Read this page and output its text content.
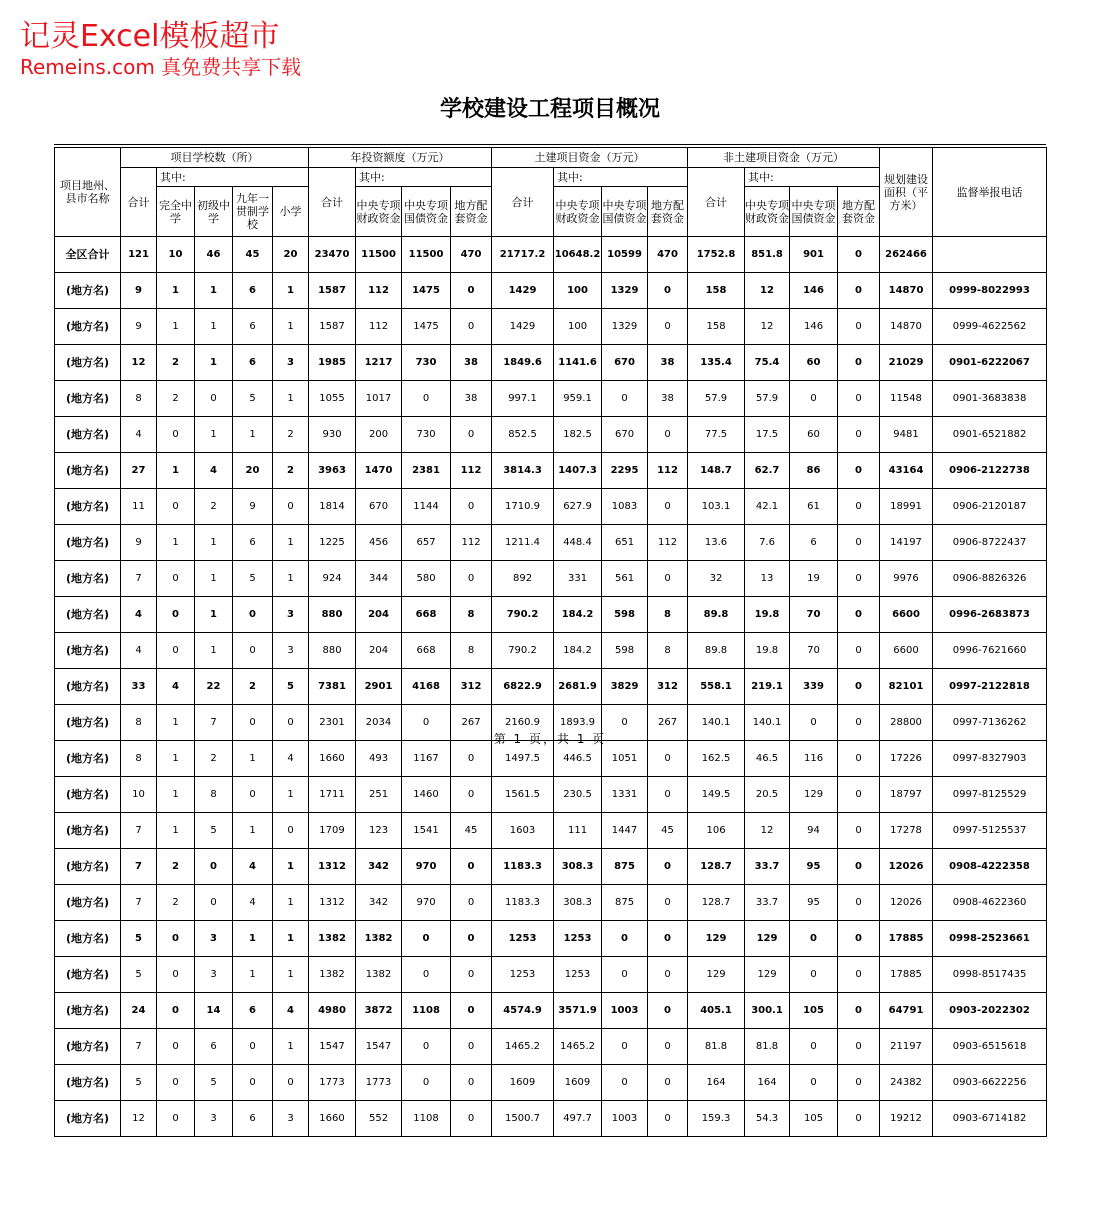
记灵Excel模板超市
Remeins.com 真免费共享下载
学校建设工程项目概况
项目地州、县市名称	项目学校数（所）					年投资额度（万元）				土建项目资金（万元）				非土建项目资金（万元）				规划建设面积（平方米）	监督举报电话
	合计	其中:				合计	其中:			合计	其中:			合计	其中:				
		完全中学	初级中学	九年一贯制学校	小学		中央专项财政资金	中央专项国债资金	地方配套资金		中央专项财政资金	中央专项国债资金	地方配套资金		中央专项财政资金	中央专项国债资金	地方配套资金		
全区合计	121	10	46	45	20	23470	11500	11500	470	21717.2	10648.2	10599	470	1752.8	851.8	901	0	262466	
(地方名)	9	1	1	6	1	1587	112	1475	0	1429	100	1329	0	158	12	146	0	14870	0999-8022993
(地方名)	9	1	1	6	1	1587	112	1475	0	1429	100	1329	0	158	12	146	0	14870	0999-4622562
(地方名)	12	2	1	6	3	1985	1217	730	38	1849.6	1141.6	670	38	135.4	75.4	60	0	21029	0901-6222067
(地方名)	8	2	0	5	1	1055	1017	0	38	997.1	959.1	0	38	57.9	57.9	0	0	11548	0901-3683838
(地方名)	4	0	1	1	2	930	200	730	0	852.5	182.5	670	0	77.5	17.5	60	0	9481	0901-6521882
(地方名)	27	1	4	20	2	3963	1470	2381	112	3814.3	1407.3	2295	112	148.7	62.7	86	0	43164	0906-2122738
(地方名)	11	0	2	9	0	1814	670	1144	0	1710.9	627.9	1083	0	103.1	42.1	61	0	18991	0906-2120187
(地方名)	9	1	1	6	1	1225	456	657	112	1211.4	448.4	651	112	13.6	7.6	6	0	14197	0906-8722437
(地方名)	7	0	1	5	1	924	344	580	0	892	331	561	0	32	13	19	0	9976	0906-8826326
(地方名)	4	0	1	0	3	880	204	668	8	790.2	184.2	598	8	89.8	19.8	70	0	6600	0996-2683873
(地方名)	4	0	1	0	3	880	204	668	8	790.2	184.2	598	8	89.8	19.8	70	0	6600	0996-7621660
(地方名)	33	4	22	2	5	7381	2901	4168	312	6822.9	2681.9	3829	312	558.1	219.1	339	0	82101	0997-2122818
(地方名)	8	1	7	0	0	2301	2034	0	267	2160.9	1893.9	0	267	140.1	140.1	0	0	28800	0997-7136262
(地方名)	8	1	2	1	4	1660	493	1167	0	1497.5	446.5	1051	0	162.5	46.5	116	0	17226	0997-8327903
(地方名)	10	1	8	0	1	1711	251	1460	0	1561.5	230.5	1331	0	149.5	20.5	129	0	18797	0997-8125529
(地方名)	7	1	5	1	0	1709	123	1541	45	1603	111	1447	45	106	12	94	0	17278	0997-5125537
(地方名)	7	2	0	4	1	1312	342	970	0	1183.3	308.3	875	0	128.7	33.7	95	0	12026	0908-4222358
(地方名)	7	2	0	4	1	1312	342	970	0	1183.3	308.3	875	0	128.7	33.7	95	0	12026	0908-4622360
(地方名)	5	0	3	1	1	1382	1382	0	0	1253	1253	0	0	129	129	0	0	17885	0998-2523661
(地方名)	5	0	3	1	1	1382	1382	0	0	1253	1253	0	0	129	129	0	0	17885	0998-8517435
(地方名)	24	0	14	6	4	4980	3872	1108	0	4574.9	3571.9	1003	0	405.1	300.1	105	0	64791	0903-2022302
(地方名)	7	0	6	0	1	1547	1547	0	0	1465.2	1465.2	0	0	81.8	81.8	0	0	21197	0903-6515618
(地方名)	5	0	5	0	0	1773	1773	0	0	1609	1609	0	0	164	164	0	0	24382	0903-6622256
(地方名)	12	0	3	6	3	1660	552	1108	0	1500.7	497.7	1003	0	159.3	54.3	105	0	19212	0903-6714182
第 1 页，共 1 页
